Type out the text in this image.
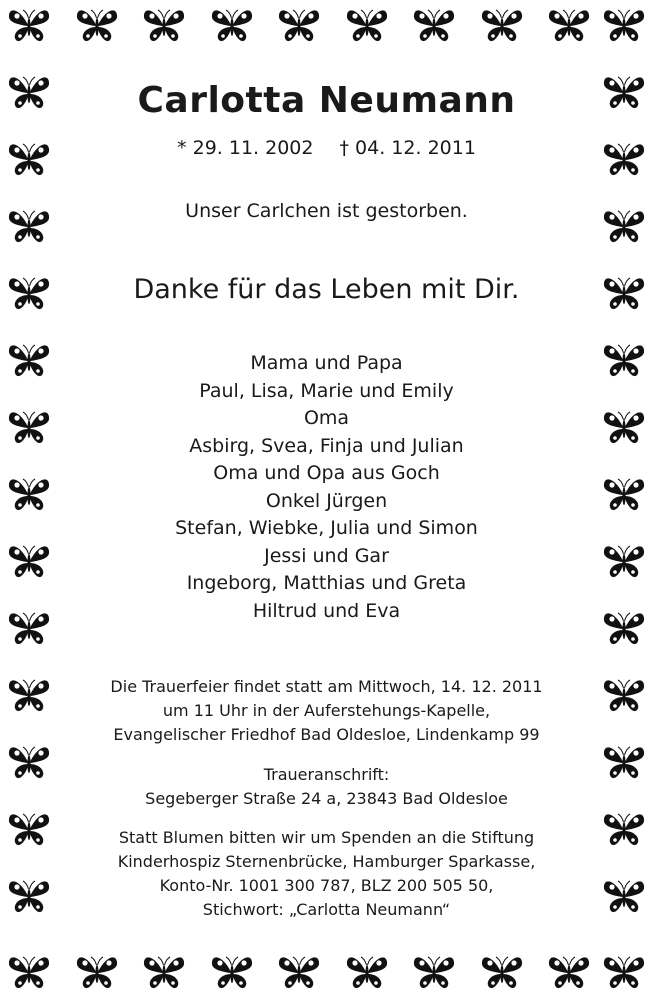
Carlotta Neumann
* 29. 11. 2002 † 04. 12. 2011
Unser Carlchen ist gestorben.
Danke für das Leben mit Dir.
Mama und Papa
Paul, Lisa, Marie und Emily
Oma
Asbirg, Svea, Finja und Julian
Oma und Opa aus Goch
Onkel Jürgen
Stefan, Wiebke, Julia und Simon
Jessi und Gar
Ingeborg, Matthias und Greta
Hiltrud und Eva
Die Trauerfeier findet statt am Mittwoch, 14. 12. 2011
um 11 Uhr in der Auferstehungs-Kapelle,
Evangelischer Friedhof Bad Oldesloe, Lindenkamp 99
Traueranschrift:
Segeberger Straße 24 a, 23843 Bad Oldesloe
Statt Blumen bitten wir um Spenden an die Stiftung
Kinderhospiz Sternenbrücke, Hamburger Sparkasse,
Konto-Nr. 1001 300 787, BLZ 200 505 50,
Stichwort: „Carlotta Neumann“
